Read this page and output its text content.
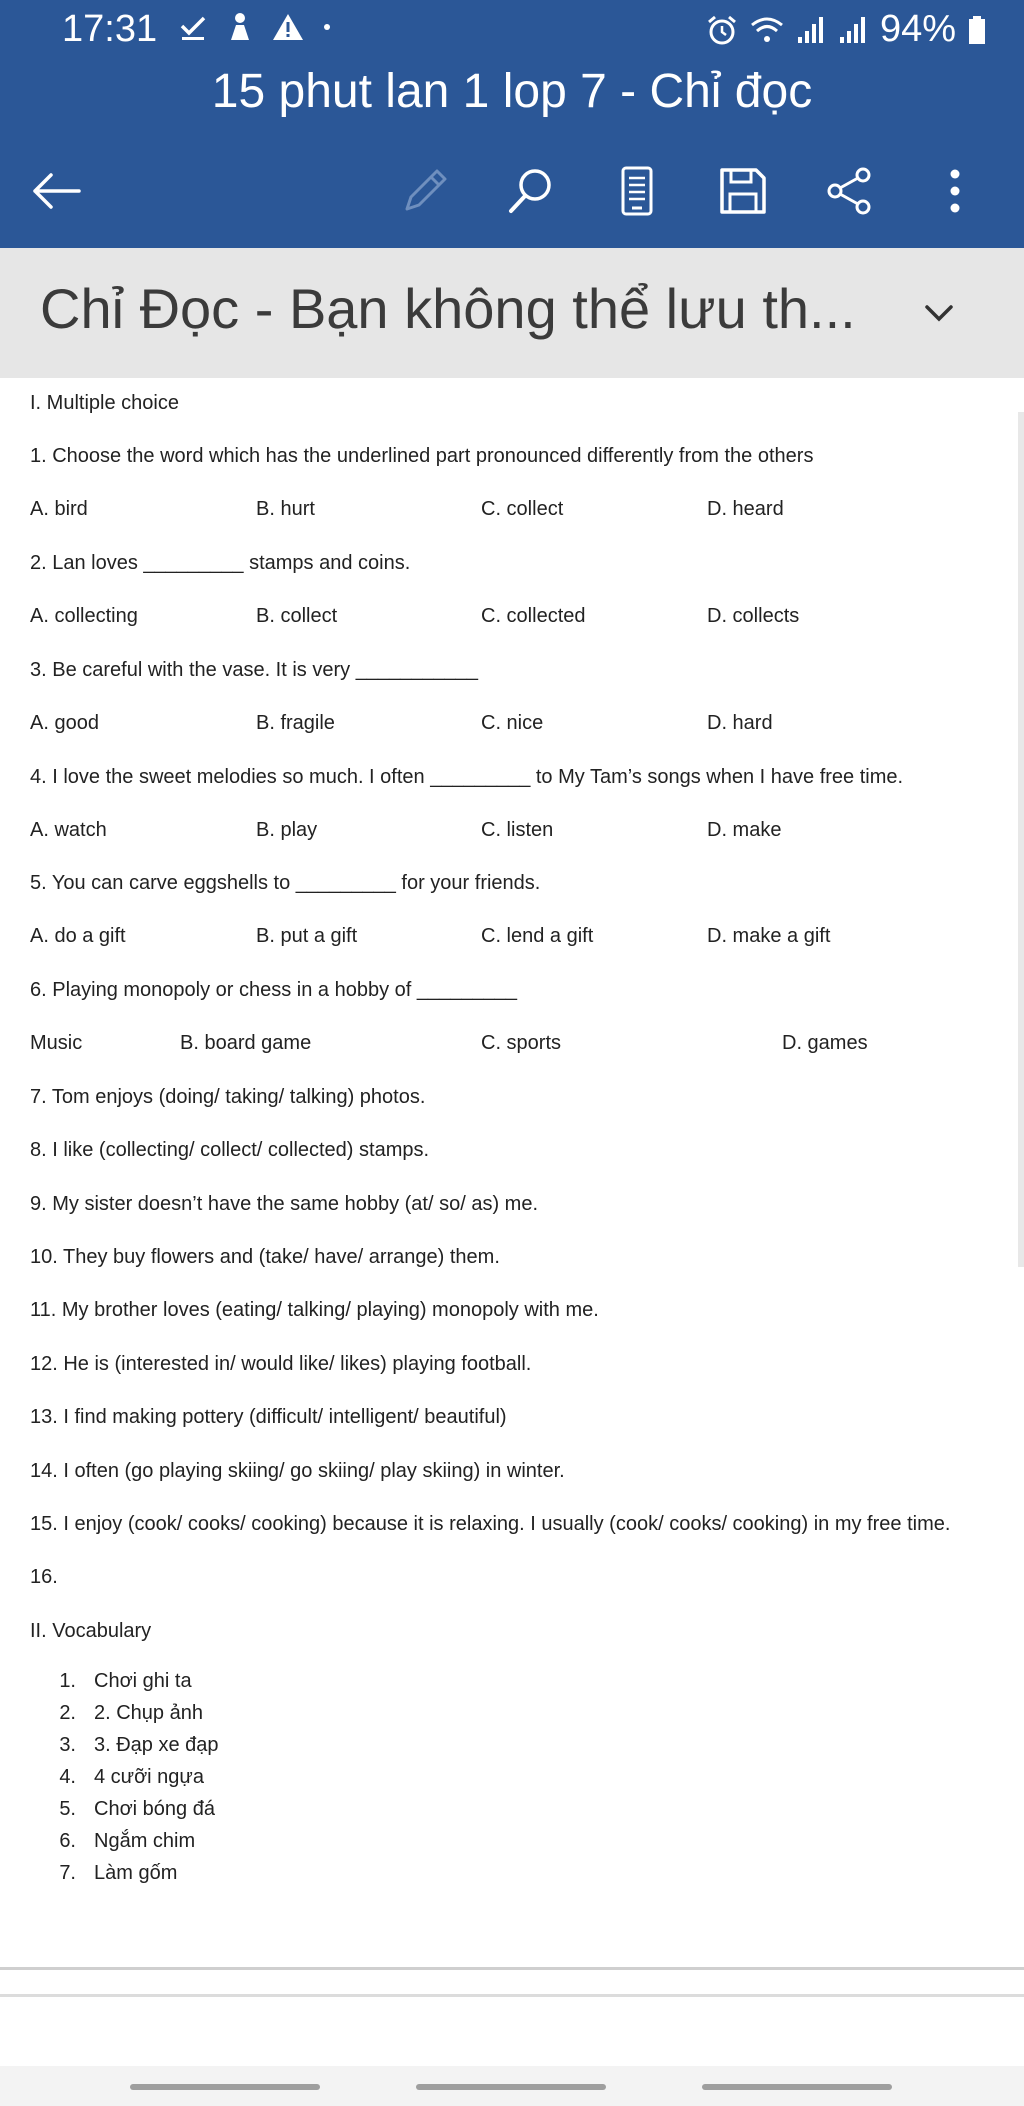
17:31	94%
15 phut lan 1 lop 7 - Chỉ đọc
Chỉ Đọc - Bạn không thể lưu th...
I. Multiple choice
1. Choose the word which has the underlined part pronounced differently from the others
A. bird	B. hurt	C. collect	D. heard
2. Lan loves _________ stamps and coins.
A. collecting	B. collect	C. collected	D. collects
3. Be careful with the vase. It is very ___________
A. good	B. fragile	C. nice	D. hard
4. I love the sweet melodies so much. I often _________ to My Tam’s songs when I have free time.
A. watch	B. play	C. listen	D. make
5. You can carve eggshells to _________ for your friends.
A. do a gift	B. put a gift	C. lend a gift	D. make a gift
6. Playing monopoly or chess in a hobby of _________
Music	B. board game	C. sports	D. games
7. Tom enjoys (doing/ taking/ talking) photos.
8. I like (collecting/ collect/ collected) stamps.
9. My sister doesn’t have the same hobby (at/ so/ as) me.
10. They buy flowers and (take/ have/ arrange) them.
11. My brother loves (eating/ talking/ playing) monopoly with me.
12. He is (interested in/ would like/ likes) playing football.
13. I find making pottery (difficult/ intelligent/ beautiful)
14. I often (go playing skiing/ go skiing/ play skiing) in winter.
15. I enjoy (cook/ cooks/ cooking) because it is relaxing. I usually (cook/ cooks/ cooking) in my free time.
16.
II. Vocabulary
1. Chơi ghi ta
2. 2. Chụp ảnh
3. 3. Đạp xe đạp
4. 4 cưỡi ngựa
5. Chơi bóng đá
6. Ngắm chim
7. Làm gốm
